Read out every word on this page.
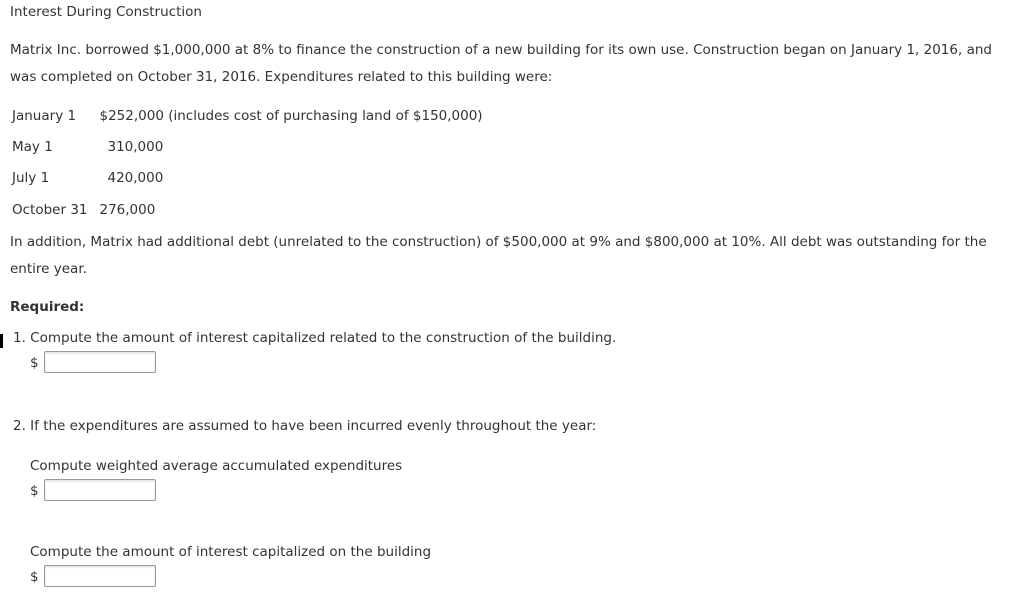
Interest During Construction
Matrix Inc. borrowed $1,000,000 at 8% to finance the construction of a new building for its own use. Construction began on January 1, 2016, and was completed on October 31, 2016. Expenditures related to this building were:
January 1	$252,000 (includes cost of purchasing land of $150,000)
May 1	310,000
July 1	420,000
October 31	276,000
In addition, Matrix had additional debt (unrelated to the construction) of $500,000 at 9% and $800,000 at 10%. All debt was outstanding for the entire year.
Required:
1. Compute the amount of interest capitalized related to the construction of the building.
$
2. If the expenditures are assumed to have been incurred evenly throughout the year:
Compute weighted average accumulated expenditures
$
Compute the amount of interest capitalized on the building
$
